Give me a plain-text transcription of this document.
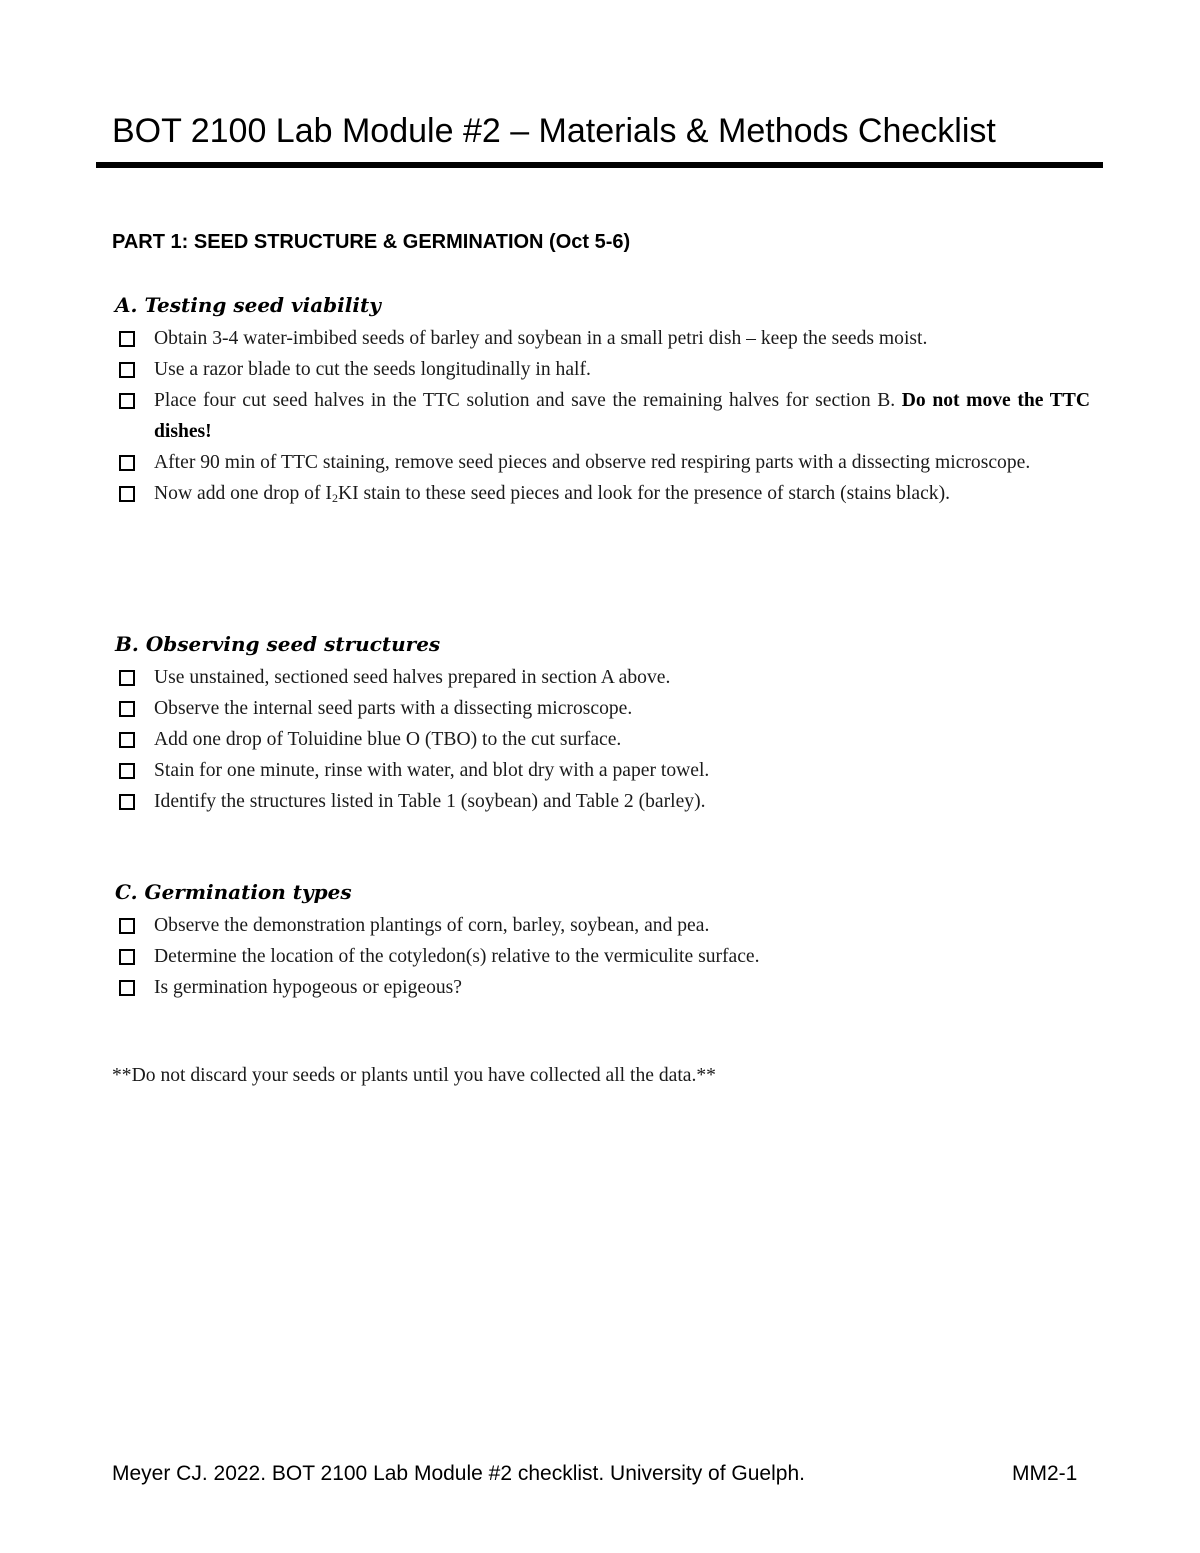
BOT 2100 Lab Module #2 – Materials & Methods Checklist
PART 1: SEED STRUCTURE & GERMINATION (Oct 5-6)
A. Testing seed viability
Obtain 3-4 water-imbibed seeds of barley and soybean in a small petri dish – keep the seeds moist.
Use a razor blade to cut the seeds longitudinally in half.
Place four cut seed halves in the TTC solution and save the remaining halves for section B. Do not move the TTC dishes!
After 90 min of TTC staining, remove seed pieces and observe red respiring parts with a dissecting microscope.
Now add one drop of $I_2KI$ stain to these seed pieces and look for the presence of starch (stains black).
B. Observing seed structures
Use unstained, sectioned seed halves prepared in section A above.
Observe the internal seed parts with a dissecting microscope.
Add one drop of Toluidine blue O (TBO) to the cut surface.
Stain for one minute, rinse with water, and blot dry with a paper towel.
Identify the structures listed in Table 1 (soybean) and Table 2 (barley).
C. Germination types
Observe the demonstration plantings of corn, barley, soybean, and pea.
Determine the location of the cotyledon(s) relative to the vermiculite surface.
Is germination hypogeous or epigeous?

**Do not discard your seeds or plants until you have collected all the data.**

Meyer CJ. 2022. BOT 2100 Lab Module #2 checklist. University of Guelph.	MM2-1
